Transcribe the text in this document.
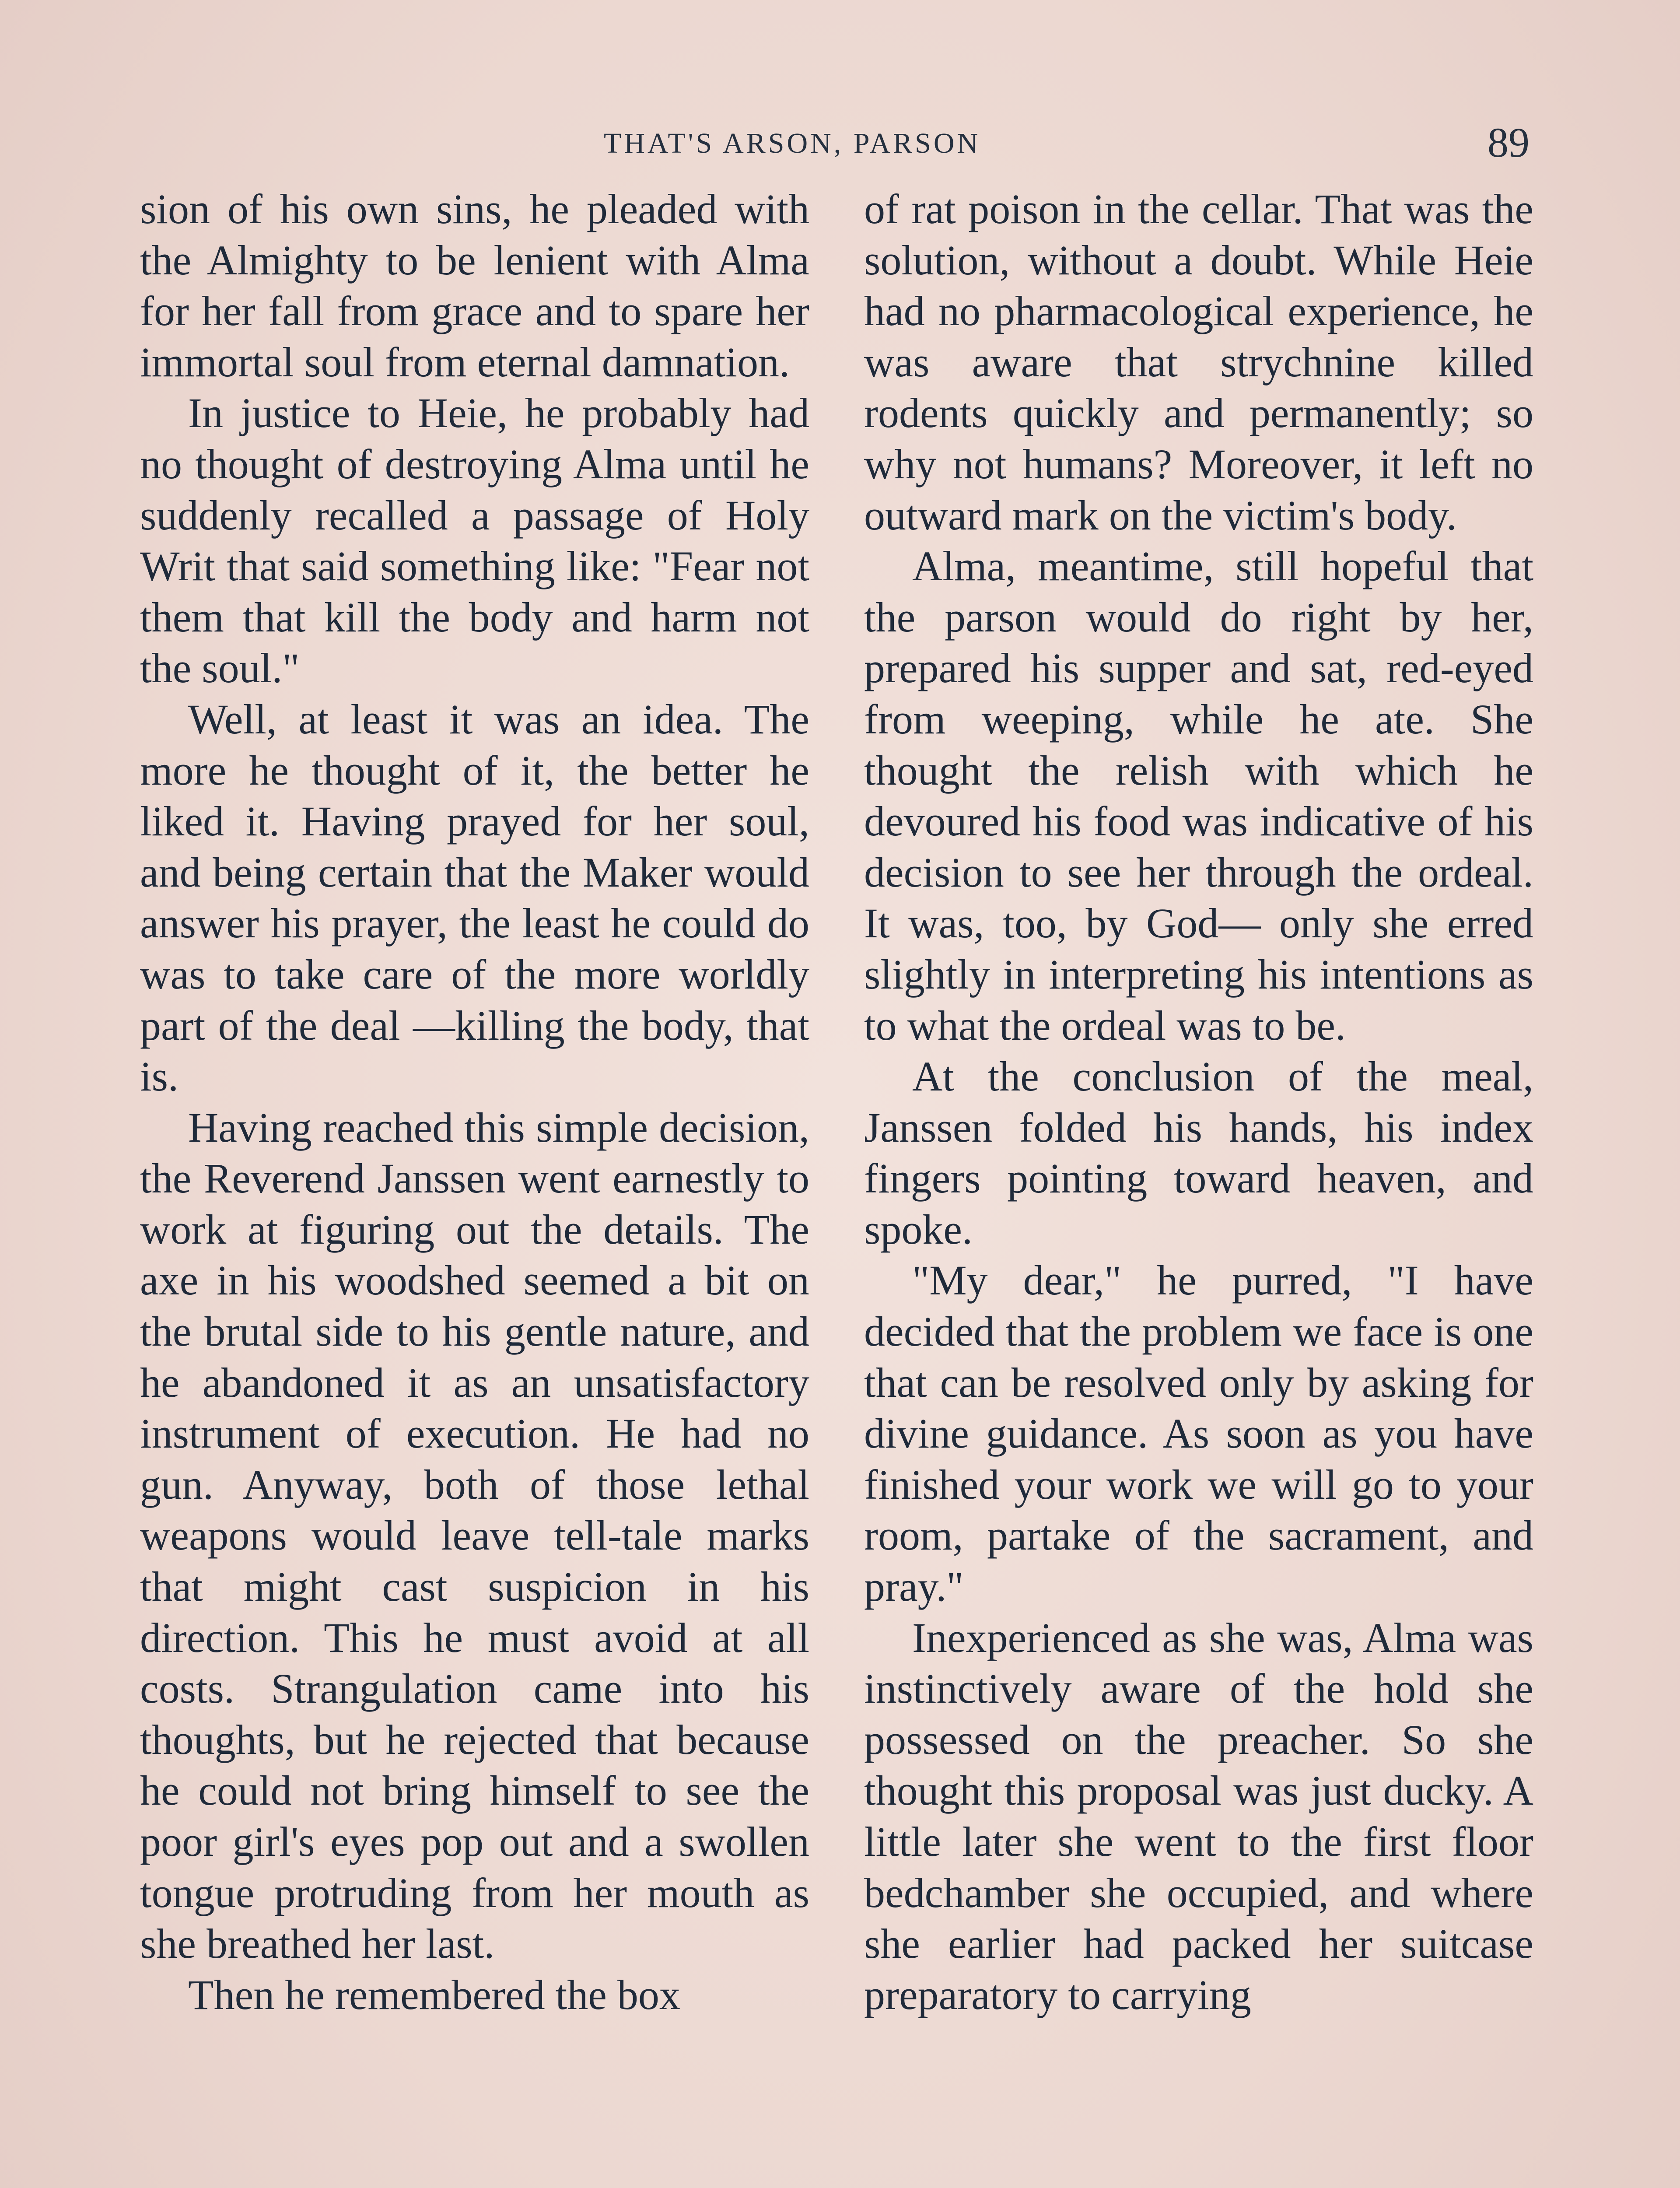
THAT'S ARSON, PARSON	89

sion of his own sins, he pleaded with the Almighty to be lenient with Alma for her fall from grace and to spare her immortal soul from eternal damnation.

In justice to Heie, he probably had no thought of destroying Alma until he suddenly recalled a passage of Holy Writ that said something like: "Fear not them that kill the body and harm not the soul."

Well, at least it was an idea. The more he thought of it, the better he liked it. Having prayed for her soul, and being certain that the Maker would answer his prayer, the least he could do was to take care of the more worldly part of the deal —killing the body, that is.

Having reached this simple decision, the Reverend Janssen went earnestly to work at figuring out the details. The axe in his woodshed seemed a bit on the brutal side to his gentle nature, and he abandoned it as an unsatisfactory instrument of execution. He had no gun. Anyway, both of those lethal weapons would leave tell-tale marks that might cast suspicion in his direction. This he must avoid at all costs. Strangulation came into his thoughts, but he rejected that because he could not bring himself to see the poor girl's eyes pop out and a swollen tongue protruding from her mouth as she breathed her last.

Then he remembered the box

of rat poison in the cellar. That was the solution, without a doubt. While Heie had no pharmacological experience, he was aware that strychnine killed rodents quickly and permanently; so why not humans? Moreover, it left no outward mark on the victim's body.

Alma, meantime, still hopeful that the parson would do right by her, prepared his supper and sat, red-eyed from weeping, while he ate. She thought the relish with which he devoured his food was indicative of his decision to see her through the ordeal. It was, too, by God— only she erred slightly in interpreting his intentions as to what the ordeal was to be.

At the conclusion of the meal, Janssen folded his hands, his index fingers pointing toward heaven, and spoke.

"My dear," he purred, "I have decided that the problem we face is one that can be resolved only by asking for divine guidance. As soon as you have finished your work we will go to your room, partake of the sacrament, and pray."

Inexperienced as she was, Alma was instinctively aware of the hold she possessed on the preacher. So she thought this proposal was just ducky. A little later she went to the first floor bedchamber she occupied, and where she earlier had packed her suitcase preparatory to carrying
